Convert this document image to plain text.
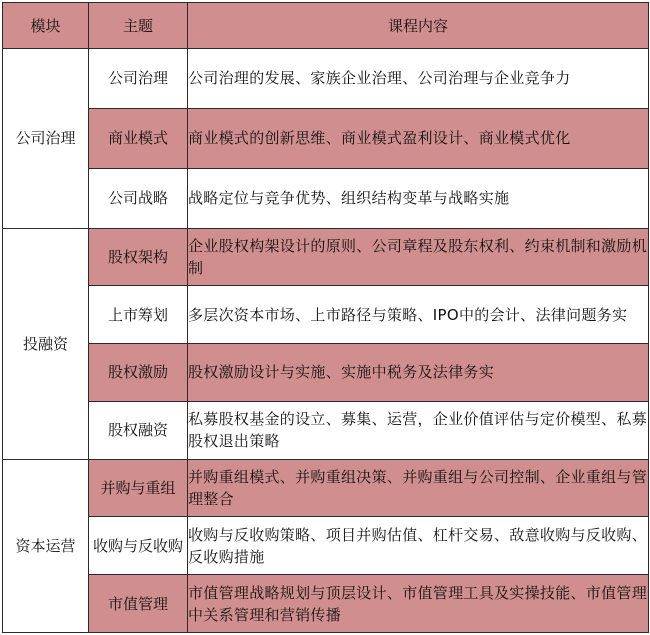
模块	主题	课程内容
公司治理	公司治理	公司治理的发展、家族企业治理、公司治理与企业竞争力
	商业模式	商业模式的创新思维、商业模式盈利设计、商业模式优化
	公司战略	战略定位与竞争优势、组织结构变革与战略实施
投融资	股权架构	企业股权构架设计的原则、公司章程及股东权利、约束机制和激励机制
	上市筹划	多层次资本市场、上市路径与策略、IPO中的会计、法律问题务实
	股权激励	股权激励设计与实施、实施中税务及法律务实
	股权融资	私募股权基金的设立、募集、运营，企业价值评估与定价模型、私募股权退出策略
资本运营	并购与重组	并购重组模式、并购重组决策、并购重组与公司控制、企业重组与管理整合
	收购与反收购	收购与反收购策略、项目并购估值、杠杆交易、敌意收购与反收购、反收购措施
	市值管理	市值管理战略规划与顶层设计、市值管理工具及实操技能、市值管理中关系管理和营销传播
